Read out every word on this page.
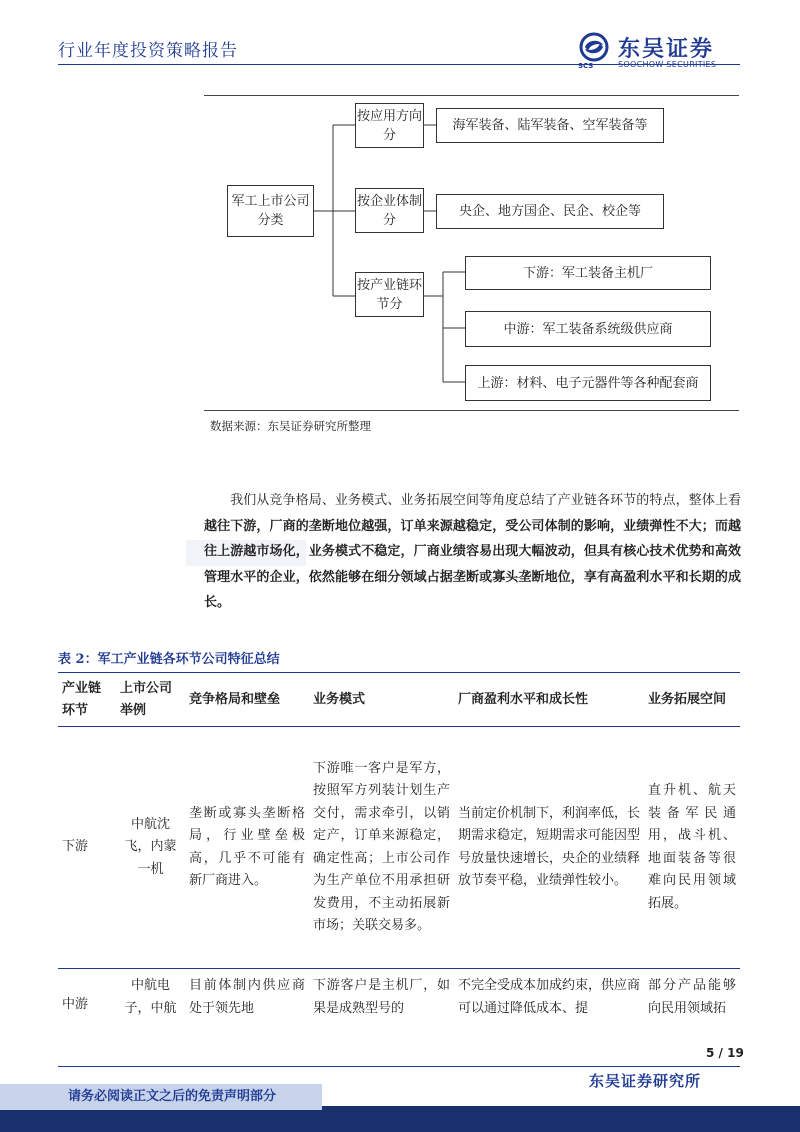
行业年度投资策略报告
SCS
东吴证券
SOOCHOW SECURITIES
军工上市公司分类
按应用方向分
按企业体制分
按产业链环节分
海军装备、陆军装备、空军装备等
央企、地方国企、民企、校企等
下游：军工装备主机厂
中游：军工装备系统级供应商
上游：材料、电子元器件等各种配套商
数据来源：东吴证券研究所整理

我们从竞争格局、业务模式、业务拓展空间等角度总结了产业链各环节的特点，整体上看越往下游，厂商的垄断地位越强，订单来源越稳定，受公司体制的影响，业绩弹性不大；而越往上游越市场化，业务模式不稳定，厂商业绩容易出现大幅波动，但具有核心技术优势和高效管理水平的企业，依然能够在细分领域占据垄断或寡头垄断地位，享有高盈利水平和长期的成长。

表 2：军工产业链各环节公司特征总结
产业链环节	上市公司举例	竞争格局和壁垒	业务模式	厂商盈利水平和成长性	业务拓展空间
下游	中航沈飞，内蒙一机	垄断或寡头垄断格局，行业壁垒极高，几乎不可能有新厂商进入。	下游唯一客户是军方，按照军方列装计划生产交付，需求牵引，以销定产，订单来源稳定，确定性高；上市公司作为生产单位不用承担研发费用，不主动拓展新市场；关联交易多。	当前定价机制下，利润率低，长期需求稳定，短期需求可能因型号放量快速增长，央企的业绩释放节奏平稳，业绩弹性较小。	直升机、航天装备军民通用，战斗机、地面装备等很难向民用领域拓展。
中游	中航电子，中航	目前体制内供应商处于领先地	下游客户是主机厂，如果是成熟型号的	不完全受成本加成约束，供应商可以通过降低成本、提	部分产品能够向民用领域拓
5 / 19
东吴证券研究所
请务必阅读正文之后的免责声明部分
